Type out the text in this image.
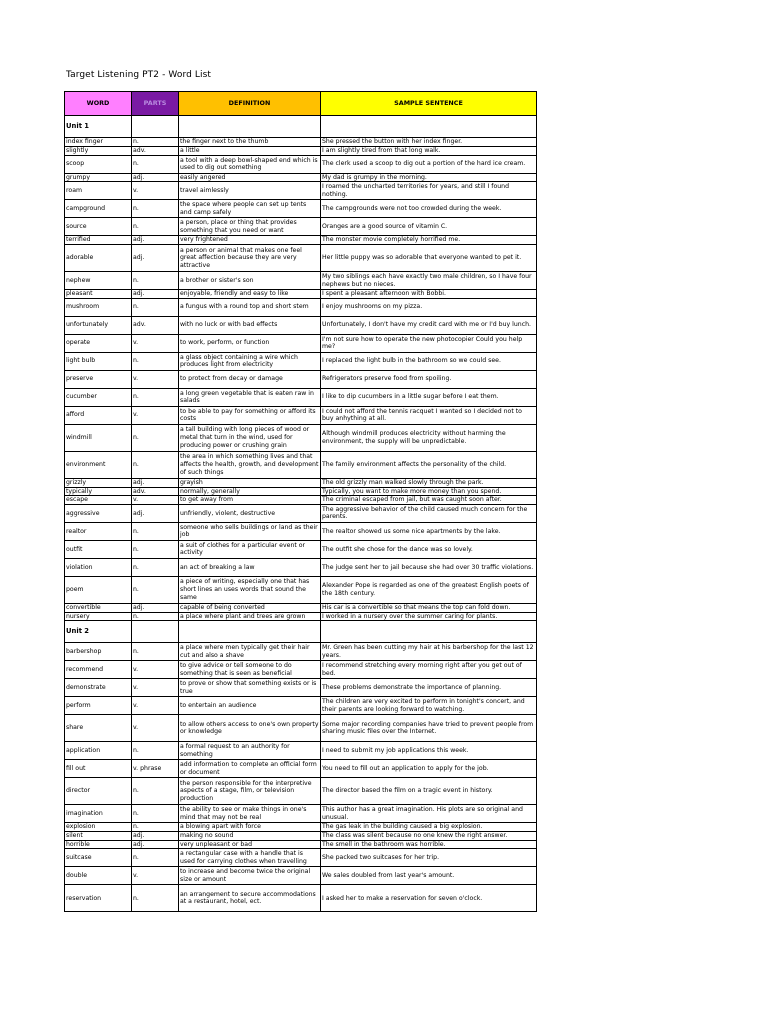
Target Listening PT2 - Word List
WORD	PARTS	DEFINITION	SAMPLE SENTENCE
Unit 1			
index finger	n.	the finger next to the thumb	She pressed the button with her index finger.
slightly	adv.	a little	I am slightly tired from that long walk.
scoop	n.	a tool with a deep bowl-shaped end which is used to dig out something	The clerk used a scoop to dig out a portion of the hard ice cream.
grumpy	adj.	easily angered	My dad is grumpy in the morning.
roam	v.	travel aimlessly	I roamed the uncharted territories for years, and still I found nothing.
campground	n.	the space where people can set up tents and camp safely	The campgrounds were not too crowded during the week.
source	n.	a person, place or thing that provides something that you need or want	Oranges are a good source of vitamin C.
terrified	adj.	very frightened	The monster movie completely horrified me.
adorable	adj.	a person or animal that makes one feel great affection because they are very attractive	Her little puppy was so adorable that everyone wanted to pet it.
nephew	n.	a brother or sister's son	My two siblings each have exactly two male children, so I have four nephews but no nieces.
pleasant	adj.	enjoyable, friendly and easy to like	I spent a pleasant afternoon with Bobbi.
mushroom	n.	a fungus with a round top and short stem	I enjoy mushrooms on my pizza.
unfortunately	adv.	with no luck or with bad effects	Unfortunately, I don't have my credit card with me or I'd buy lunch.
operate	v.	to work, perform, or function	I'm not sure how to operate the new photocopier Could you help me?
light bulb	n.	a glass object containing a wire which produces light from electricity	I replaced the light bulb in the bathroom so we could see.
preserve	v.	to protect from decay or damage	Refrigerators preserve food from spoiling.
cucumber	n.	a long green vegetable that is eaten raw in salads	I like to dip cucumbers in a little sugar before I eat them.
afford	v.	to be able to pay for something or afford its costs	I could not afford the tennis racquet I wanted so I decided not to buy anhything at all.
windmill	n.	a tall building with long pieces of wood or metal that turn in the wind, used for producing power or crushing grain	Although windmill produces electricity without harming the environment, the supply will be unpredictable.
environment	n.	the area in which something lives and that affects the health, growth, and development of such things	The family environment affects the personality of the child.
grizzly	adj.	grayish	The old grizzly man walked slowly through the park.
typically	adv.	normally, generally	Typically, you want to make more money than you spend.
escape	v.	to get away from	The criminal escaped from jail, but was caught soon after.
aggressive	adj.	unfriendly, violent, destructive	The aggressive behavior of the child caused much concern for the parents.
realtor	n.	someone who sells buildings or land as their job	The realtor showed us some nice apartments by the lake.
outfit	n.	a suit of clothes for a particular event or activity	The outfit she chose for the dance was so lovely.
violation	n.	an act of breaking a law	The judge sent her to jail because she had over 30 traffic violations.
poem	n.	a piece of writing, especially one that has short lines an uses words that sound the same	Alexander Pope is regarded as one of the greatest English poets of the 18th century.
convertible	adj.	capable of being converted	His car is a convertible so that means the top can fold down.
nursery	n.	a place where plant and trees are grown	I worked in a nursery over the summer caring for plants.
Unit 2			
barbershop	n.	a place where men typically get their hair cut and also a shave	Mr. Green has been cutting my hair at his barbershop for the last 12 years.
recommend	v.	to give advice or tell someone to do something that is seen as beneficial	I recommend stretching every morning right after you get out of bed.
demonstrate	v.	to prove or show that something exists or is true	These problems demonstrate the importance of planning.
perform	v.	to entertain an audience	The children are very excited to perform in tonight's concert, and their parents are looking forward to watching.
share	v.	to allow others access to one's own property or knowledge	Some major recording companies have tried to prevent people from sharing music files over the Internet.
application	n.	a formal request to an authority for something	I need to submit my job applications this week.
fill out	v. phrase	add information to complete an official form or document	You need to fill out an application to apply for the job.
director	n.	the person responsible for the interpretive aspects of a stage, film, or television production	The director based the film on a tragic event in history.
imagination	n.	the ability to see or make things in one's mind that may not be real	This author has a great imagination. His plots are so original and unusual.
explosion	n.	a blowing apart with force	The gas leak in the building caused a big explosion.
silent	adj.	making no sound	The class was silent because no one knew the right answer.
horrible	adj.	very unpleasant or bad	The smell in the bathroom was horrible.
suitcase	n.	a rectangular case with a handle that is used for carrying clothes when travelling	She packed two suitcases for her trip.
double	v.	to increase and become twice the original size or amount	We sales doubled from last year's amount.
reservation	n.	an arrangement to secure accommodations at a restaurant, hotel, ect.	I asked her to make a reservation for seven o'clock.
